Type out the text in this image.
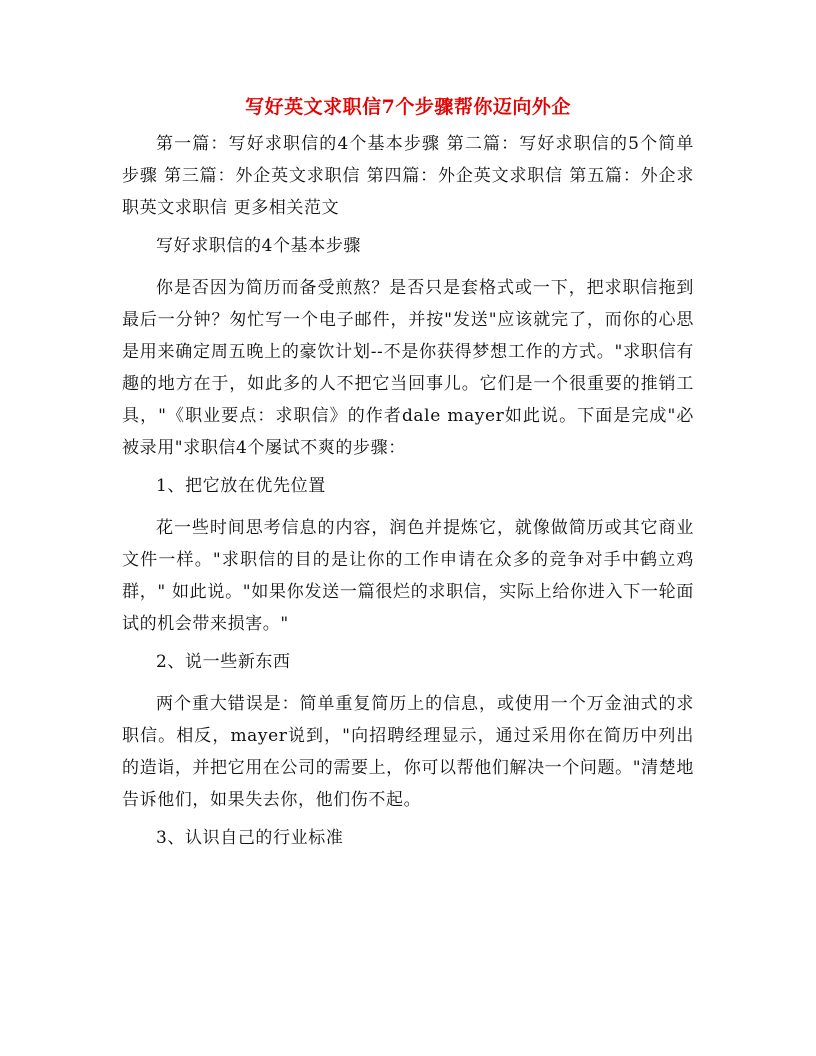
写好英文求职信7个步骤帮你迈向外企

第一篇：写好求职信的4个基本步骤 第二篇：写好求职信的5个简单步骤 第三篇：外企英文求职信 第四篇：外企英文求职信 第五篇：外企求职英文求职信 更多相关范文

写好求职信的4个基本步骤

你是否因为简历而备受煎熬？是否只是套格式或一下，把求职信拖到最后一分钟？匆忙写一个电子邮件，并按"发送"应该就完了，而你的心思是用来确定周五晚上的豪饮计划--不是你获得梦想工作的方式。"求职信有趣的地方在于，如此多的人不把它当回事儿。它们是一个很重要的推销工具，"《职业要点：求职信》的作者dale mayer如此说。下面是完成"必被录用"求职信4个屡试不爽的步骤：

1、把它放在优先位置

花一些时间思考信息的内容，润色并提炼它，就像做简历或其它商业文件一样。"求职信的目的是让你的工作申请在众多的竞争对手中鹤立鸡群，" 如此说。"如果你发送一篇很烂的求职信，实际上给你进入下一轮面试的机会带来损害。"

2、说一些新东西

两个重大错误是：简单重复简历上的信息，或使用一个万金油式的求职信。相反，mayer说到，"向招聘经理显示，通过采用你在简历中列出的造诣，并把它用在公司的需要上，你可以帮他们解决一个问题。"清楚地告诉他们，如果失去你，他们伤不起。

3、认识自己的行业标准
